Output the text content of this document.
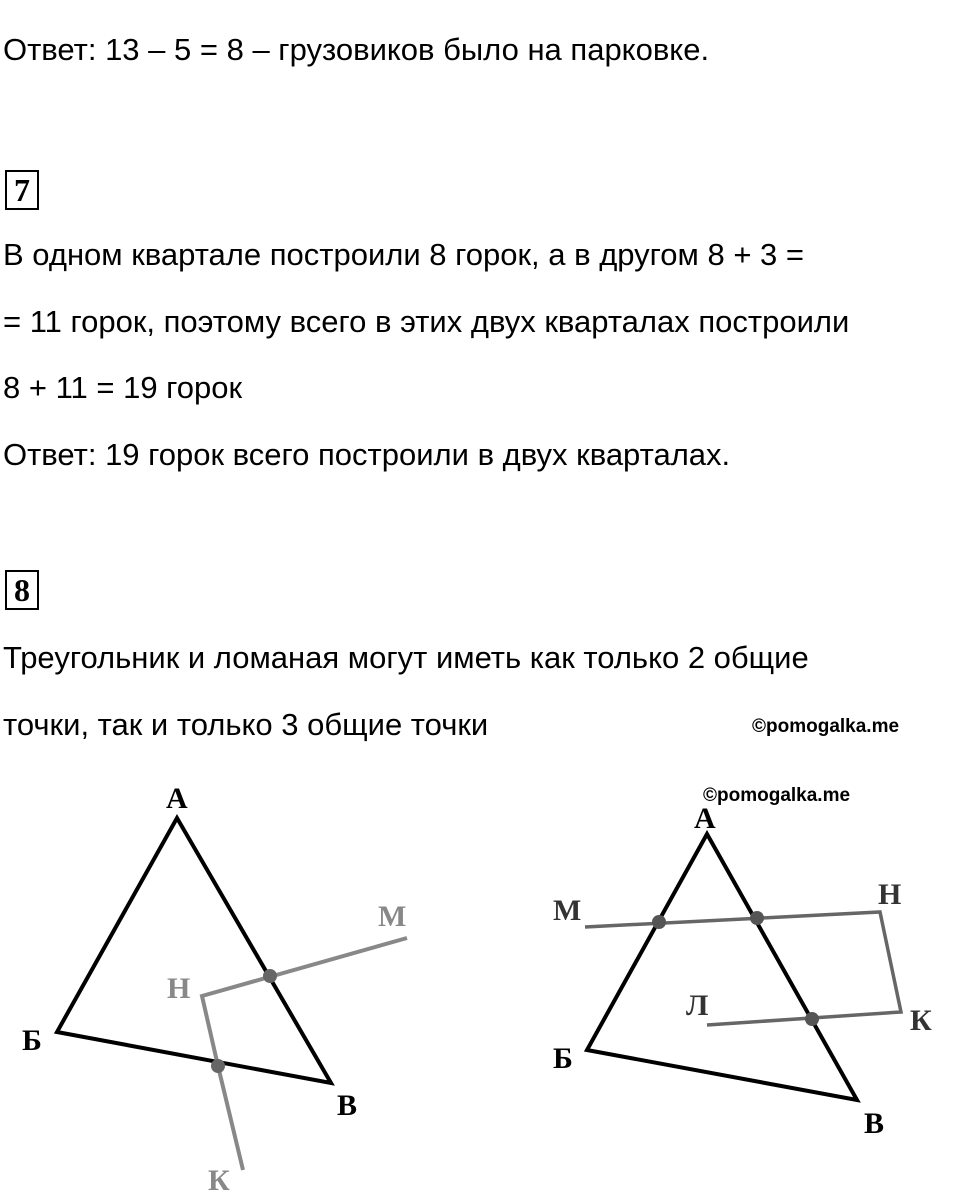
Ответ: 13 – 5 = 8 – грузовиков было на парковке.
7
В одном квартале построили 8 горок, а в другом 8 + 3 =
= 11 горок, поэтому всего в этих двух кварталах построили
8 + 11 = 19 горок
Ответ: 19 горок всего построили в двух кварталах.
8
Треугольник и ломаная могут иметь как только 2 общие
точки, так и только 3 общие точки	©pomogalka.me
©pomogalka.me
А
Б
В
М
Н
К
А
Б
В
М	Н
К
Л
